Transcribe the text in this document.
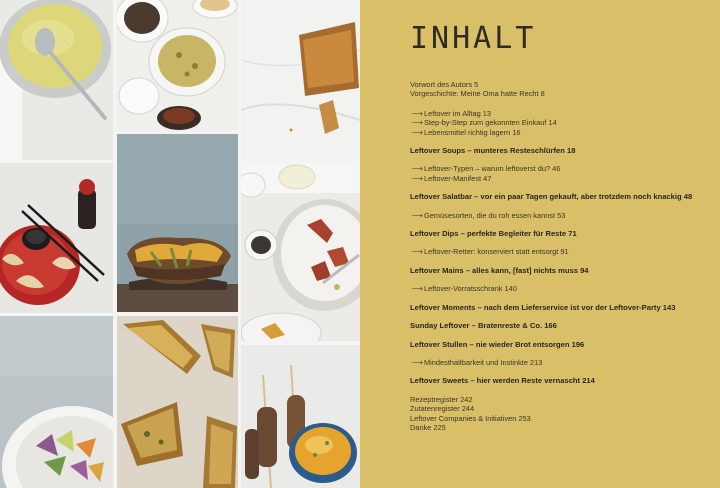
INHALT
Vorwort des Autors 5
Vorgeschichte: Meine Oma hatte Recht 8
⟶Leftover im Alltag 13
⟶Step-by-Step zum gekonnten Einkauf 14
⟶Lebensmittel richtig lagern 16
Leftover Soups – munteres Resteschlürfen 18
⟶Leftover-Typen – warum leftoverst du? 46
⟶Leftover-Manifest 47
Leftover Salatbar – vor ein paar Tagen gekauft, aber trotzdem noch knackig 48
⟶Gemüsesorten, die du roh essen kannst 53
Leftover Dips – perfekte Begleiter für Reste 71
⟶Leftover-Retter: konserviert statt entsorgt 91
Leftover Mains – alles kann, [fast] nichts muss 94
⟶Leftover-Vorratsschrank 140
Leftover Moments – nach dem Lieferservice ist vor der Leftover-Party 143
Sunday Leftover – Bratenreste & Co. 166
Leftover Stullen – nie wieder Brot entsorgen 196
⟶Mindesthaltbarkeit und Instinkte 213
Leftover Sweets – hier werden Reste vernascht 214
Rezeptregister 242
Zutatenregister 244
Leftover Companies & Initiativen 253
Danke 225
